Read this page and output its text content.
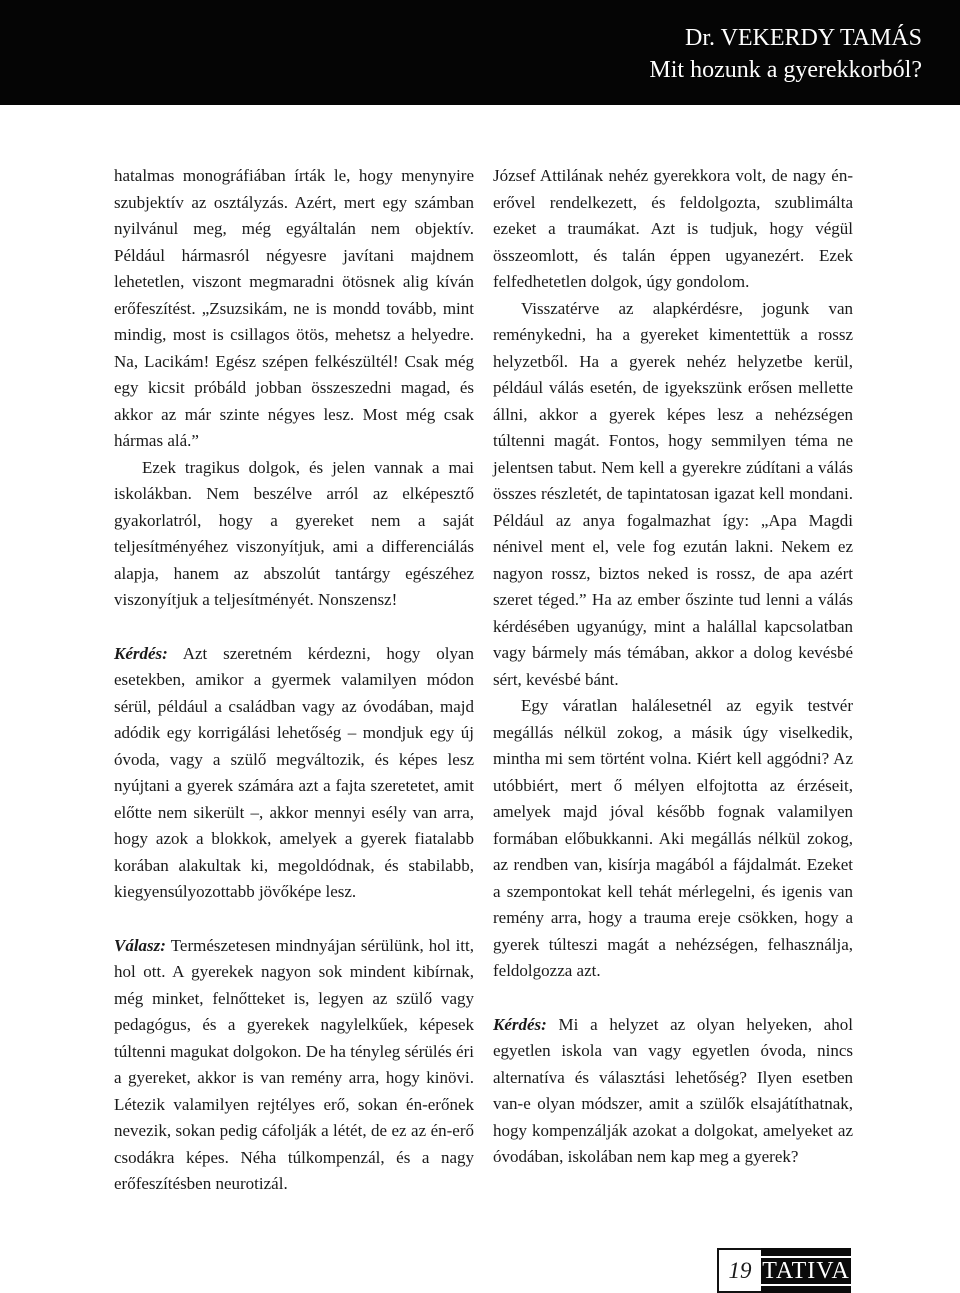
Dr. VEKERDY TAMÁS
Mit hozunk a gyerekkorból?

hatalmas monográfiában írták le, hogy menynyire szubjektív az osztályzás. Azért, mert egy számban nyilvánul meg, még egyáltalán nem objektív. Például hármasról négyesre javítani majdnem lehetetlen, viszont megmaradni ötösnek alig kíván erőfeszítést. „Zsuzsikám, ne is mondd tovább, mint mindig, most is csillagos ötös, mehetsz a helyedre. Na, Lacikám! Egész szépen felkészültél! Csak még egy kicsit próbáld jobban összeszedni magad, és akkor az már szinte négyes lesz. Most még csak hármas alá.”

Ezek tragikus dolgok, és jelen vannak a mai iskolákban. Nem beszélve arról az elképesztő gyakorlatról, hogy a gyereket nem a saját teljesítményéhez viszonyítjuk, ami a differenciálás alapja, hanem az abszolút tantárgy egészéhez viszonyítjuk a teljesítményét. Nonszensz!

Kérdés: Azt szeretném kérdezni, hogy olyan esetekben, amikor a gyermek valamilyen módon sérül, például a családban vagy az óvodában, majd adódik egy korrigálási lehetőség – mondjuk egy új óvoda, vagy a szülő megváltozik, és képes lesz nyújtani a gyerek számára azt a fajta szeretetet, amit előtte nem sikerült –, akkor mennyi esély van arra, hogy azok a blokkok, amelyek a gyerek fiatalabb korában alakultak ki, megoldódnak, és stabilabb, kiegyensúlyozottabb jövőképe lesz.

Válasz: Természetesen mindnyájan sérülünk, hol itt, hol ott. A gyerekek nagyon sok mindent kibírnak, még minket, felnőtteket is, legyen az szülő vagy pedagógus, és a gyerekek nagylelkűek, képesek túltenni magukat dolgokon. De ha tényleg sérülés éri a gyereket, akkor is van remény arra, hogy kinövi. Létezik valamilyen rejtélyes erő, sokan én-erőnek nevezik, sokan pedig cáfolják a létét, de ez az én-erő csodákra képes. Néha túlkompenzál, és a nagy erőfeszítésben neurotizál.

József Attilának nehéz gyerekkora volt, de nagy én-erővel rendelkezett, és feldolgozta, szublimálta ezeket a traumákat. Azt is tudjuk, hogy végül összeomlott, és talán éppen ugyanezért. Ezek felfedhetetlen dolgok, úgy gondolom.

Visszatérve az alapkérdésre, jogunk van reménykedni, ha a gyereket kimentettük a rossz helyzetből. Ha a gyerek nehéz helyzetbe kerül, például válás esetén, de igyekszünk erősen mellette állni, akkor a gyerek képes lesz a nehézségen túltenni magát. Fontos, hogy semmilyen téma ne jelentsen tabut. Nem kell a gyerekre zúdítani a válás összes részletét, de tapintatosan igazat kell mondani. Például az anya fogalmazhat így: „Apa Magdi nénivel ment el, vele fog ezután lakni. Nekem ez nagyon rossz, biztos neked is rossz, de apa azért szeret téged.” Ha az ember őszinte tud lenni a válás kérdésében ugyanúgy, mint a halállal kapcsolatban vagy bármely más témában, akkor a dolog kevésbé sért, kevésbé bánt.

Egy váratlan halálesetnél az egyik testvér megállás nélkül zokog, a másik úgy viselkedik, mintha mi sem történt volna. Kiért kell aggódni? Az utóbbiért, mert ő mélyen elfojtotta az érzéseit, amelyek majd jóval később fognak valamilyen formában előbukkanni. Aki megállás nélkül zokog, az rendben van, kisírja magából a fájdalmát. Ezeket a szempontokat kell tehát mérlegelni, és igenis van remény arra, hogy a trauma ereje csökken, hogy a gyerek túlteszi magát a nehézségen, felhasználja, feldolgozza azt.

Kérdés: Mi a helyzet az olyan helyeken, ahol egyetlen iskola van vagy egyetlen óvoda, nincs alternatíva és választási lehetőség? Ilyen esetben van-e olyan módszer, amit a szülők elsajátíthatnak, hogy kompenzálják azokat a dolgokat, amelyeket az óvodában, iskolában nem kap meg a gyerek?

19 TATIVA
